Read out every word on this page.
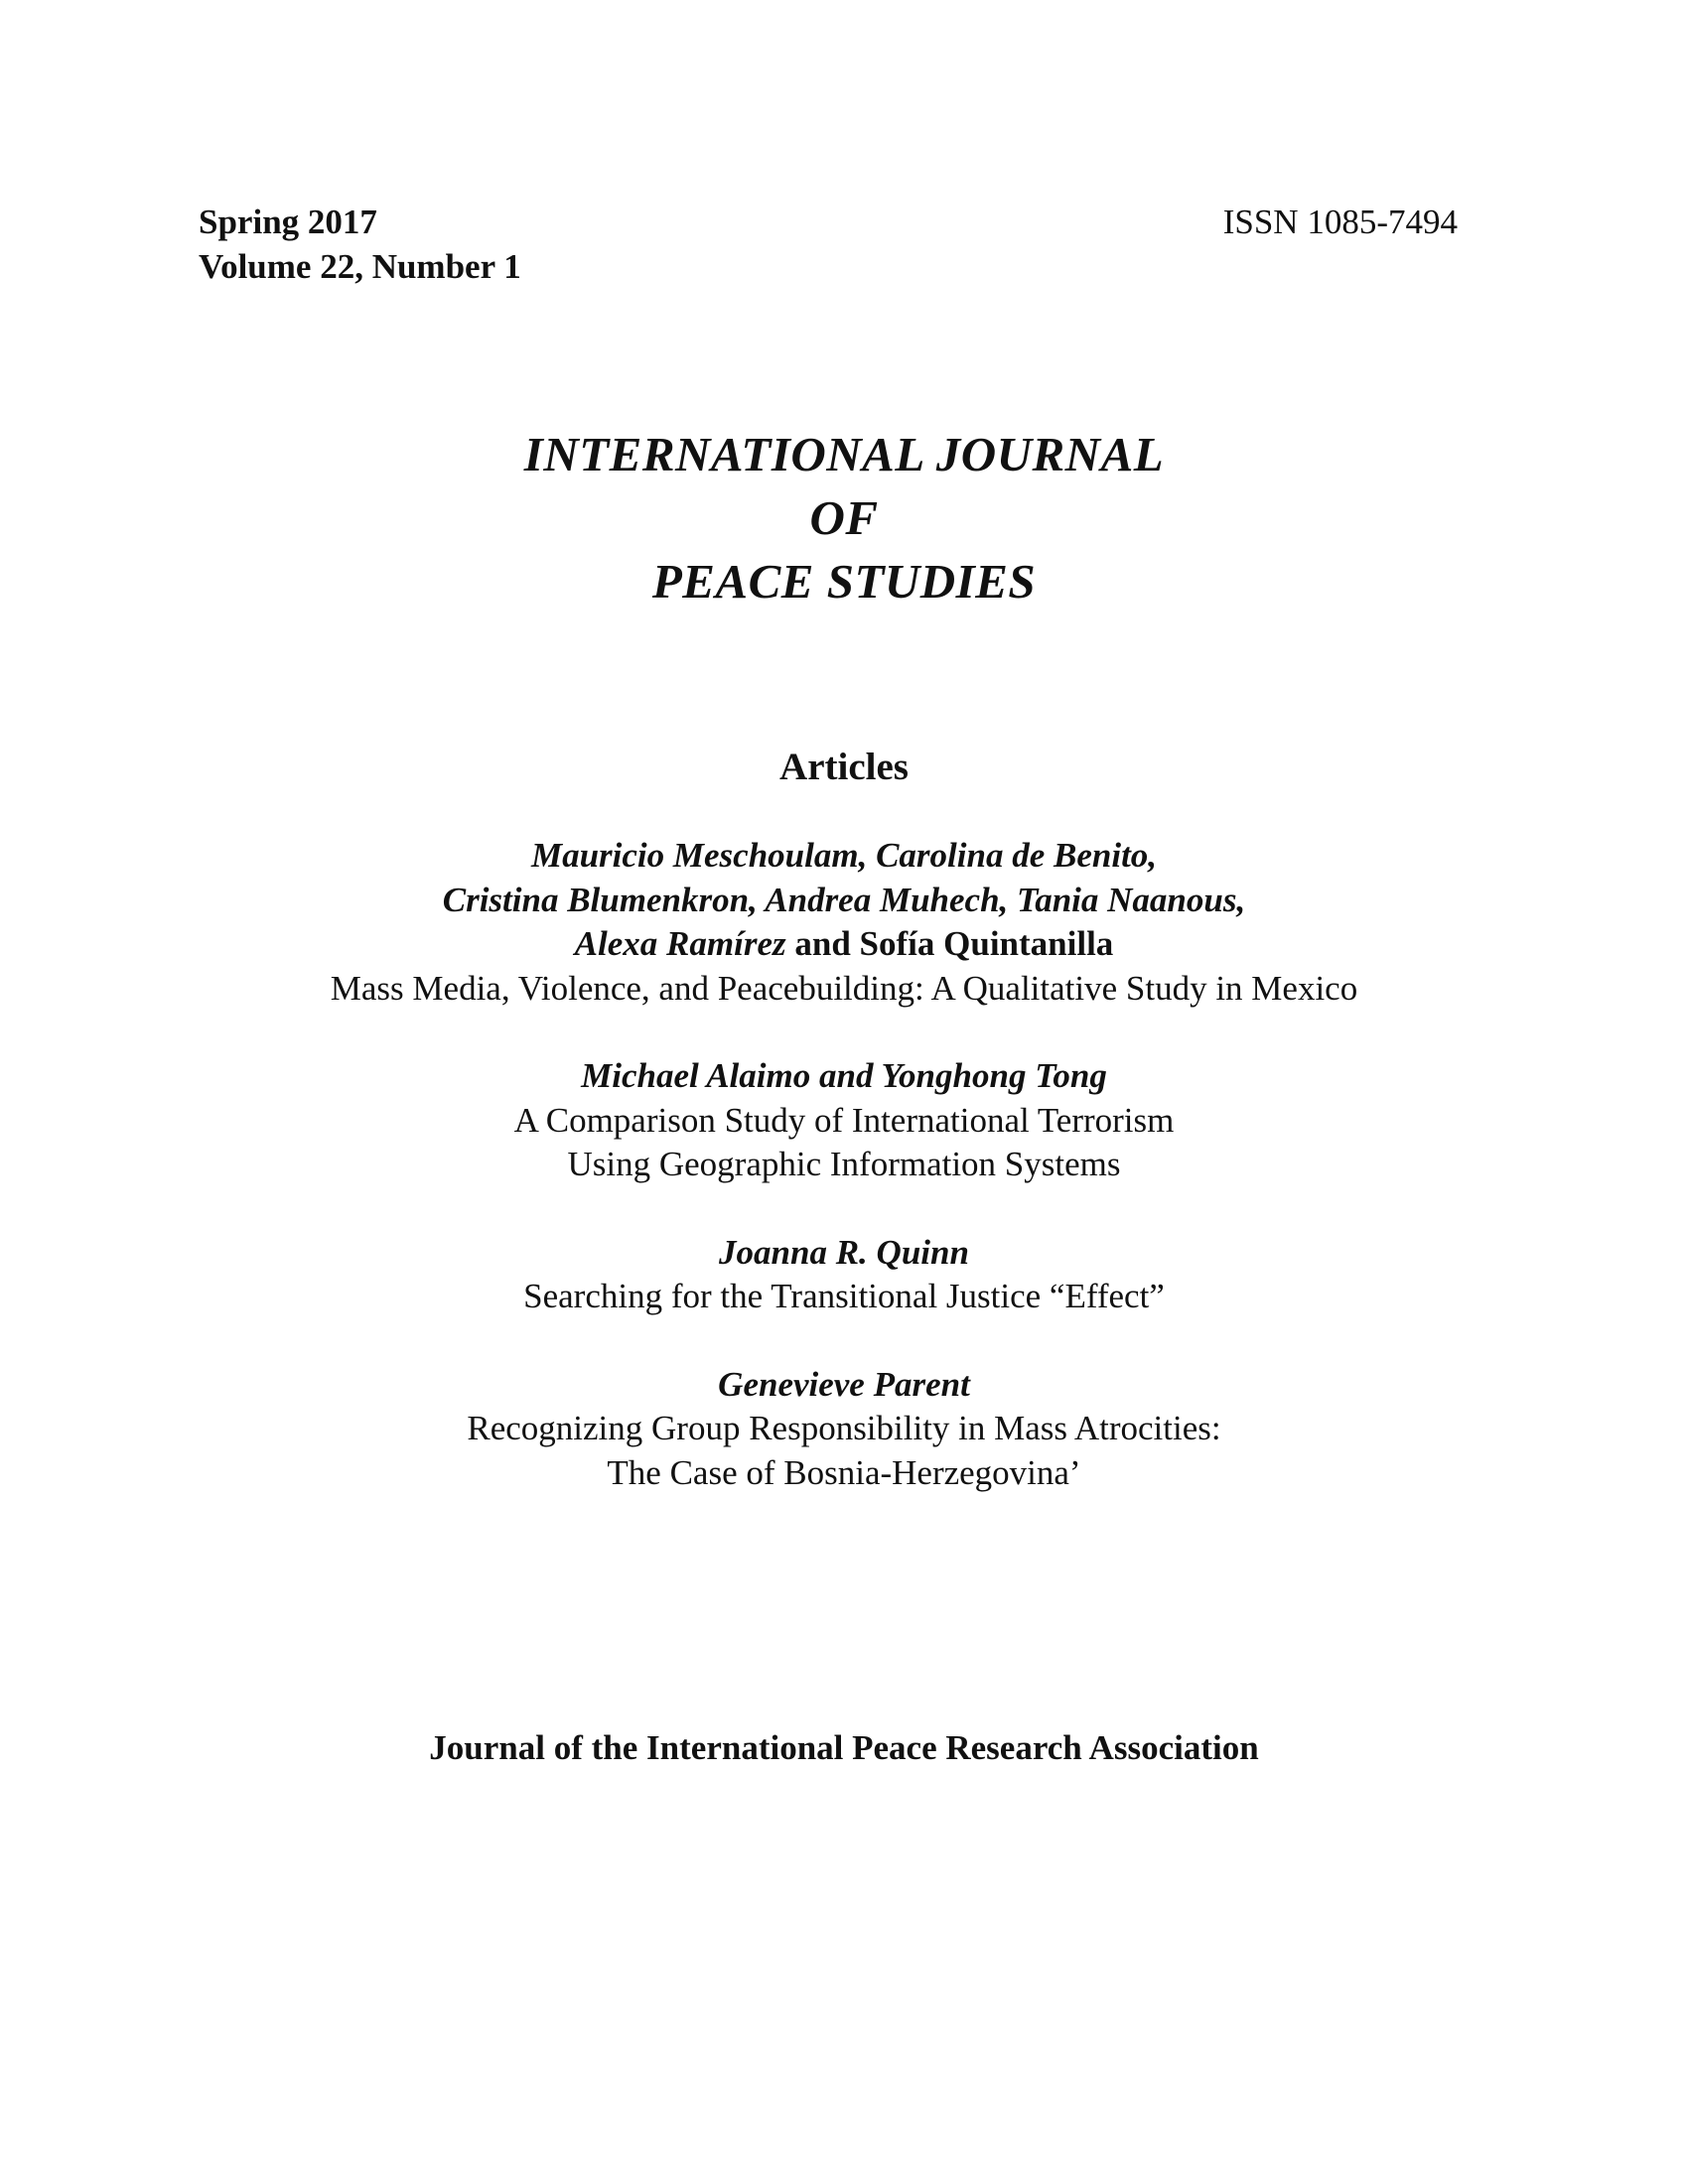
Spring 2017
Volume 22, Number 1
ISSN 1085-7494
INTERNATIONAL JOURNAL
OF
PEACE STUDIES
Articles
Mauricio Meschoulam, Carolina de Benito,
Cristina Blumenkron, Andrea Muhech, Tania Naanous,
Alexa Ramírez and Sofía Quintanilla
Mass Media, Violence, and Peacebuilding: A Qualitative Study in Mexico
Michael Alaimo and Yonghong Tong
A Comparison Study of International Terrorism
Using Geographic Information Systems
Joanna R. Quinn
Searching for the Transitional Justice “Effect”
Genevieve Parent
Recognizing Group Responsibility in Mass Atrocities:
The Case of Bosnia-Herzegovina’
Journal of the International Peace Research Association
